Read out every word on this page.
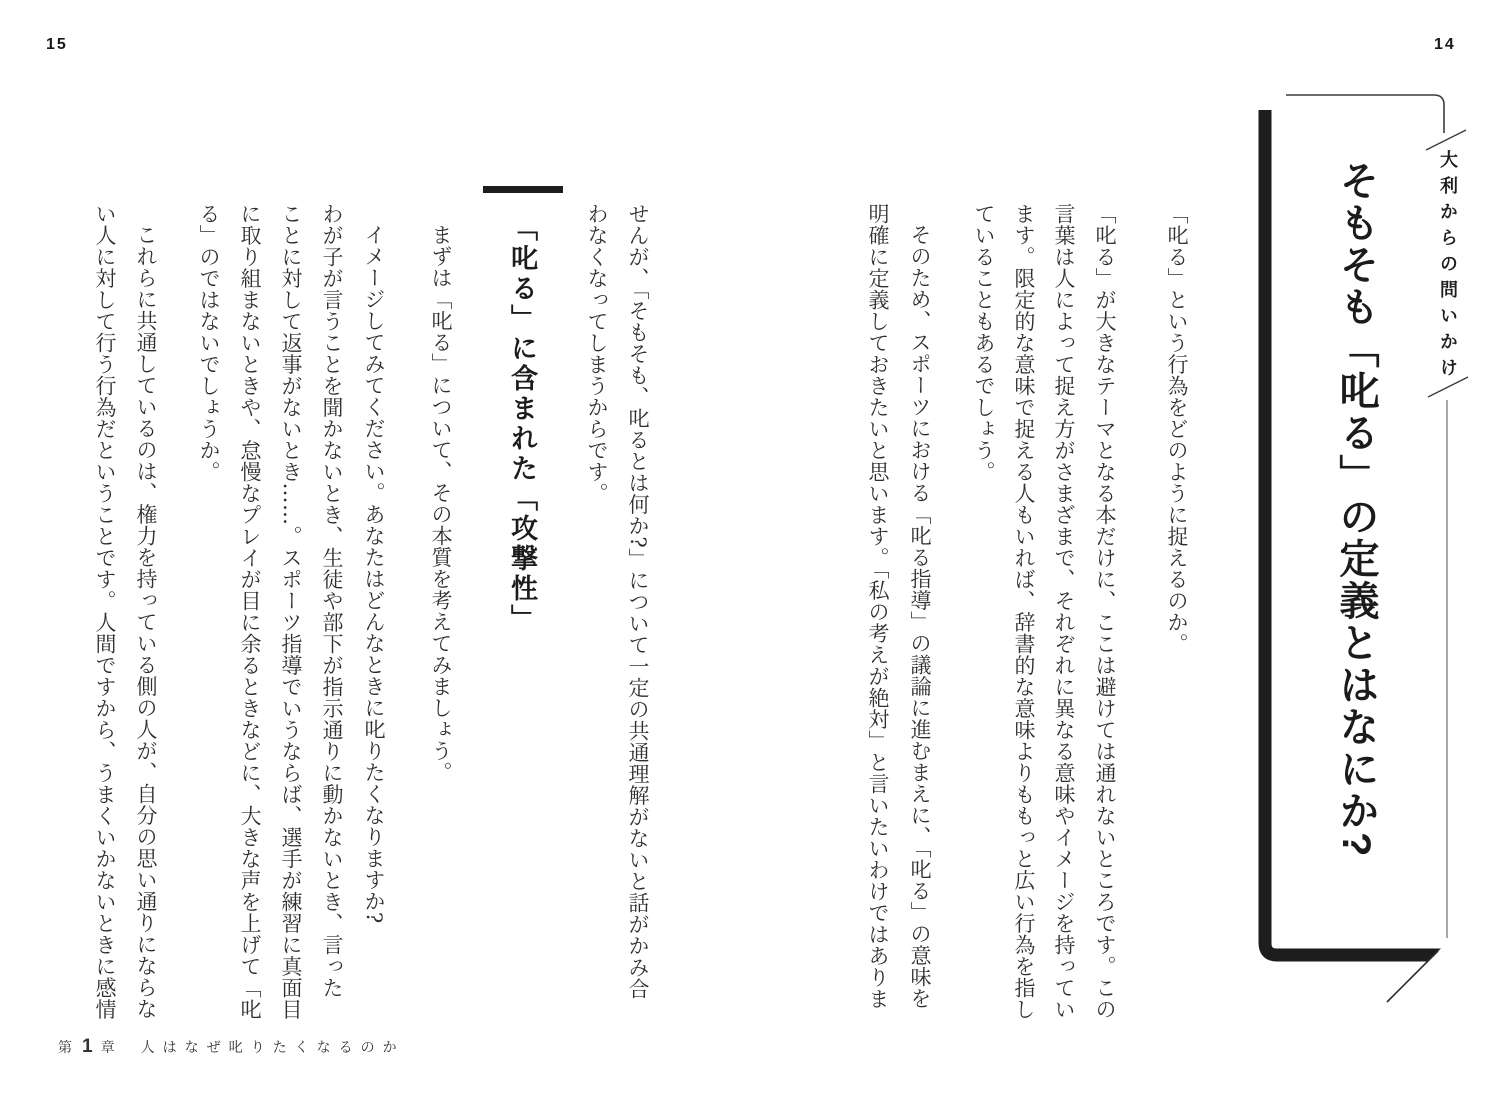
15	14
大利からの問いかけ
そもそも「叱る」の定義とはなにか?
「叱る」という行為をどのように捉えるのか。
「叱る」が大きなテーマとなる本だけに、ここは避けては通れないところです。この
言葉は人によって捉え方がさまざまで、それぞれに異なる意味やイメージを持ってい
ます。限定的な意味で捉える人もいれば、辞書的な意味よりももっと広い行為を指し
ていることもあるでしょう。
そのため、スポーツにおける「叱る指導」の議論に進むまえに、「叱る」の意味を
明確に定義しておきたいと思います。「私の考えが絶対」と言いたいわけではありま
「叱る」に含まれた「攻撃性」	せんが、「そもそも、叱るとは何か?」について一定の共通理解がないと話がかみ合
わなくなってしまうからです。
まずは「叱る」について、その本質を考えてみましょう。
イメージしてみてください。あなたはどんなときに叱りたくなりますか?
わが子が言うことを聞かないとき、生徒や部下が指示通りに動かないとき、言った
ことに対して返事がないとき……。スポーツ指導でいうならば、選手が練習に真面目
に取り組まないときや、怠慢なプレイが目に余るときなどに、大きな声を上げて「叱
る」のではないでしょうか。
これらに共通しているのは、権力を持っている側の人が、自分の思い通りにならな
い人に対して行う行為だということです。人間ですから、うまくいかないときに感情
第 1 章 人はなぜ叱りたくなるのか
